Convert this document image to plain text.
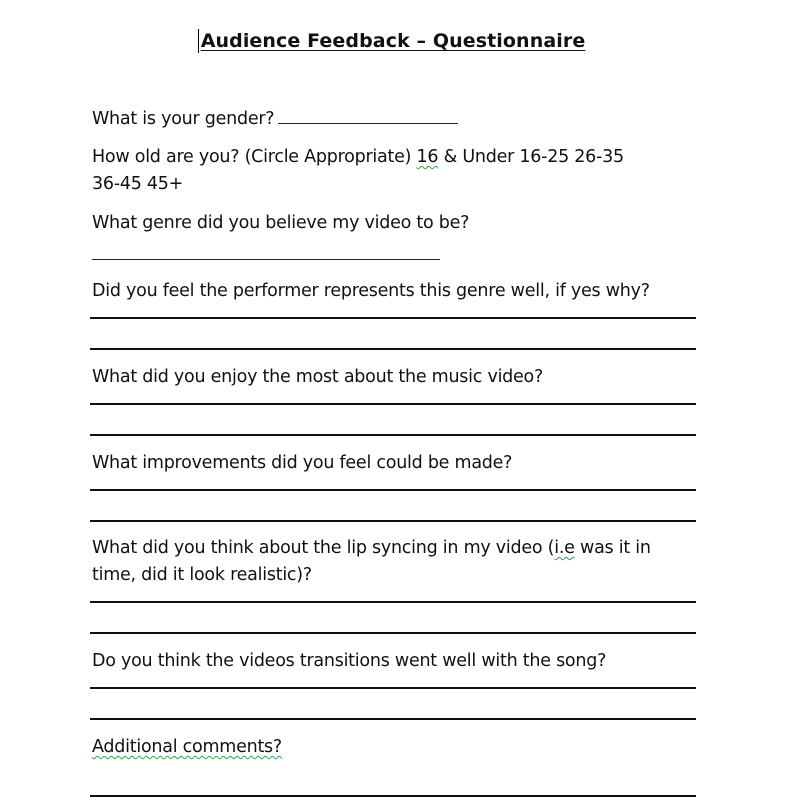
Audience Feedback – Questionnaire
What is your gender?
How old are you? (Circle Appropriate) 16 & Under 16-25 26-35
36-45 45+
What genre did you believe my video to be?
Did you feel the performer represents this genre well, if yes why?
What did you enjoy the most about the music video?
What improvements did you feel could be made?
What did you think about the lip syncing in my video (i.e was it in
time, did it look realistic)?
Do you think the videos transitions went well with the song?
Additional comments?
